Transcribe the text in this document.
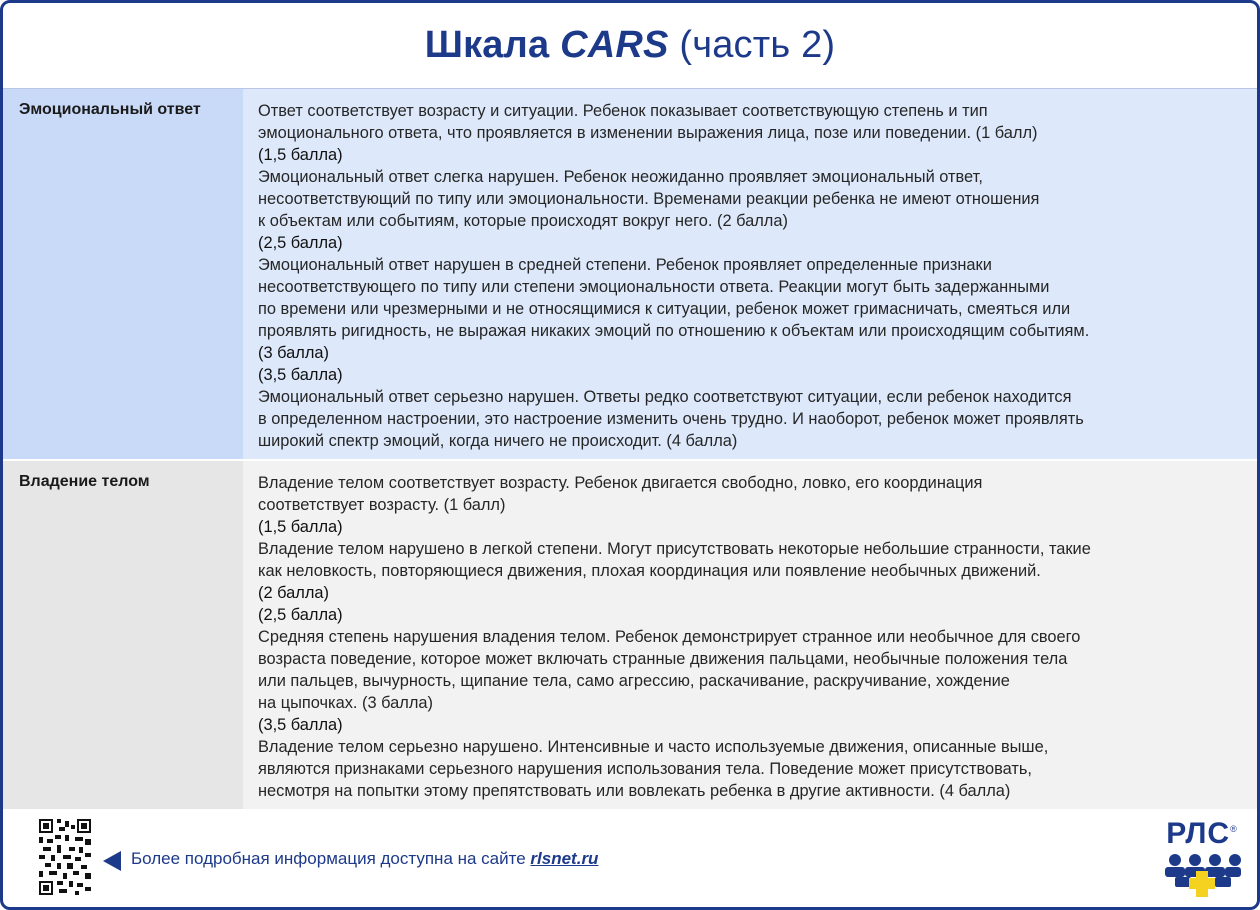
Шкала CARS (часть 2)
Эмоциональный ответ	Ответ соответствует возрасту и ситуации. Ребенок показывает соответствующую степень и тип

эмоционального ответа, что проявляется в изменении выражения лица, позе или поведении. (1 балл)

(1,5 балла)

Эмоциональный ответ слегка нарушен. Ребенок неожиданно проявляет эмоциональный ответ,

несоответствующий по типу или эмоциональности. Временами реакции ребенка не имеют отношения

к объектам или событиям, которые происходят вокруг него. (2 балла)

(2,5 балла)

Эмоциональный ответ нарушен в средней степени. Ребенок проявляет определенные признаки

несоответствующего по типу или степени эмоциональности ответа. Реакции могут быть задержанными

по времени или чрезмерными и не относящимися к ситуации, ребенок может гримасничать, смеяться или

проявлять ригидность, не выражая никаких эмоций по отношению к объектам или происходящим событиям.

(3 балла)

(3,5 балла)

Эмоциональный ответ серьезно нарушен. Ответы редко соответствуют ситуации, если ребенок находится

в определенном настроении, это настроение изменить очень трудно. И наоборот, ребенок может проявлять

широкий спектр эмоций, когда ничего не происходит. (4 балла)

Владение телом	Владение телом соответствует возрасту. Ребенок двигается свободно, ловко, его координация

соответствует возрасту. (1 балл)

(1,5 балла)

Владение телом нарушено в легкой степени. Могут присутствовать некоторые небольшие странности, такие

как неловкость, повторяющиеся движения, плохая координация или появление необычных движений.

(2 балла)

(2,5 балла)

Средняя степень нарушения владения телом. Ребенок демонстрирует странное или необычное для своего

возраста поведение, которое может включать странные движения пальцами, необычные положения тела

или пальцев, вычурность, щипание тела, само агрессию, раскачивание, раскручивание, хождение

на цыпочках. (3 балла)

(3,5 балла)

Владение телом серьезно нарушено. Интенсивные и часто используемые движения, описанные выше,

являются признаками серьезного нарушения использования тела. Поведение может присутствовать,

несмотря на попытки этому препятствовать или вовлекать ребенка в другие активности. (4 балла)

Более подробная информация доступна на сайте rlsnet.ru
РЛС®
